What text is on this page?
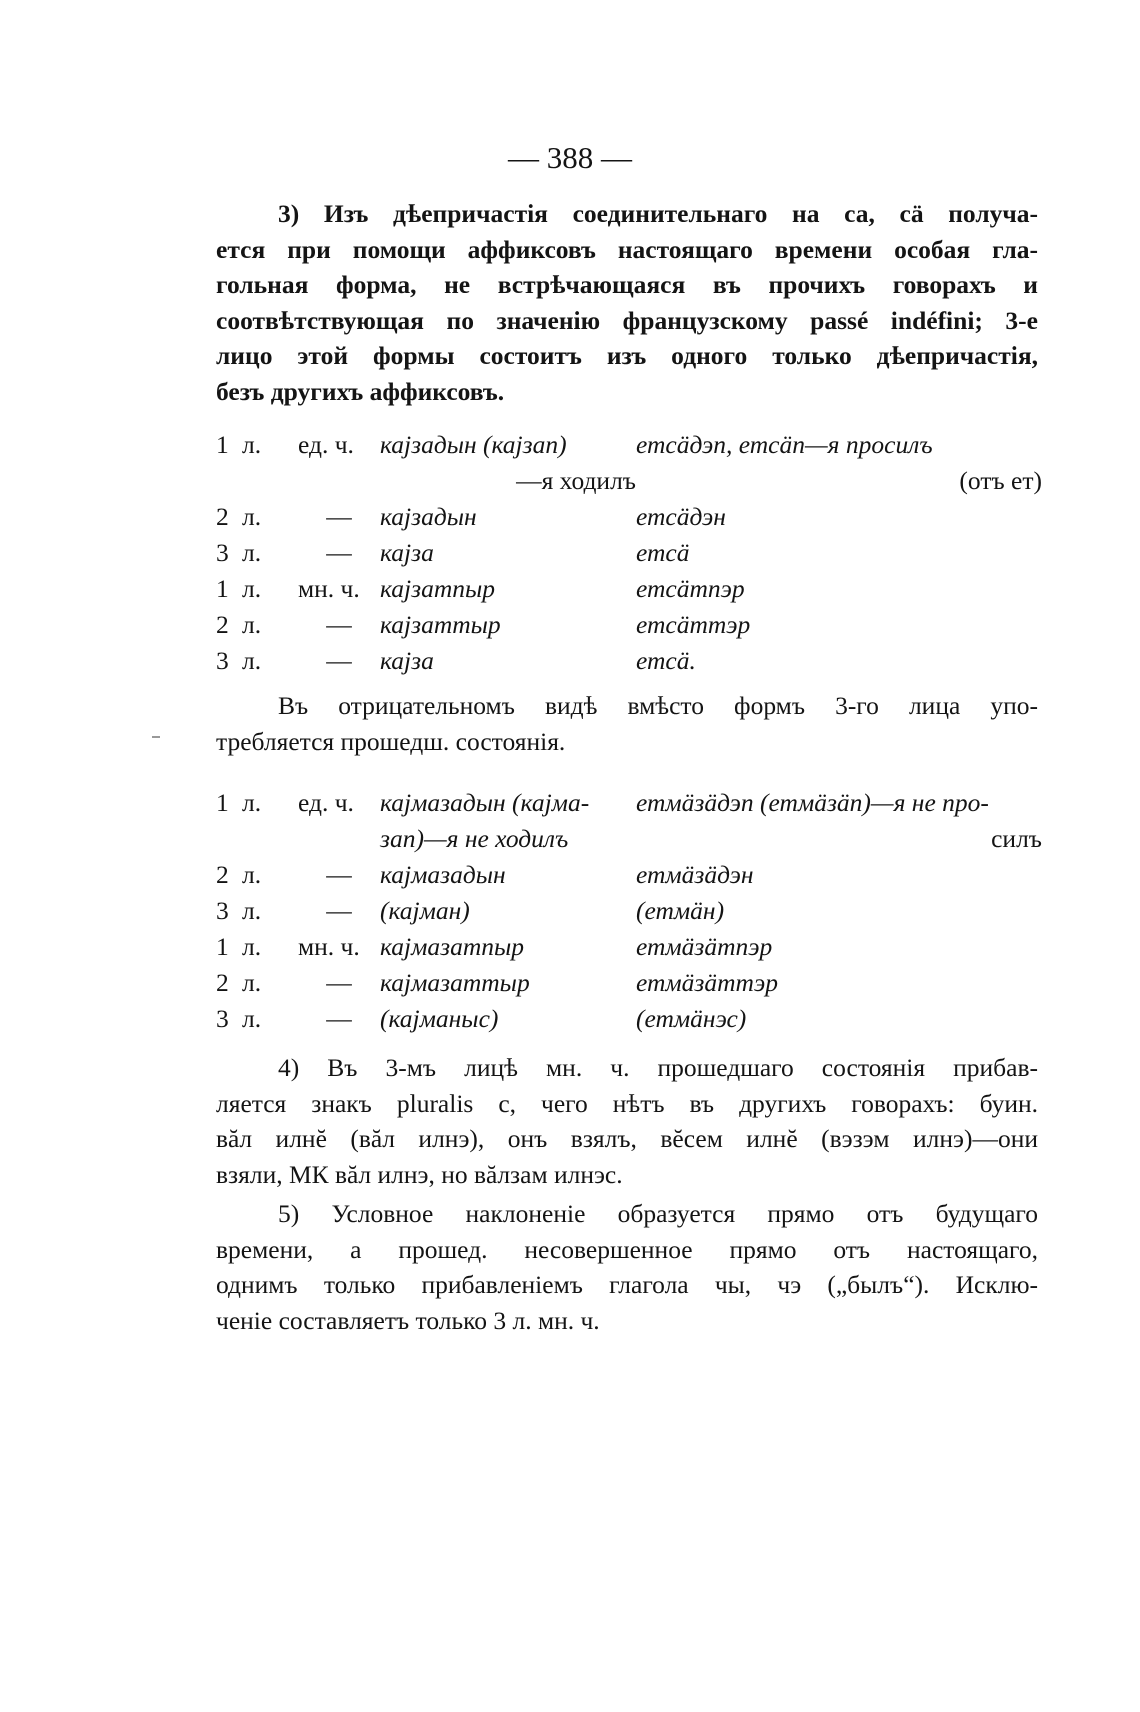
— 388 —

3) Изъ дѣепричастія соединительнаго на са, сä получа-
ется при помощи аффиксовъ настоящаго времени особая гла-
гольная форма, не встрѣчающаяся въ прочихъ говорахъ и
соотвѣтствующая по значенію французскому passé indéfini; 3-е
лицо этой формы состоитъ изъ одного только дѣепричастія,
безъ другихъ аффиксовъ.

1	л.	ед. ч.	кајзадын (кајзап)	етсäдэп, етсäп—я просилъ
			—я ходилъ	(отъ ет)
2	л.	—	кајзадын	етсäдэн
3	л.	—	кајза	етсä
1	л.	мн. ч.	кајзатпыр	етсäтпэр
2	л.	—	кајзаттыр	етсäттэр
3	л.	—	кајза	етсä.

Въ отрицательномъ видѣ вмѣсто формъ 3-го лица упо-
требляется прошедш. состоянія.

1	л.	ед. ч.	кајмазадын (кајма-	етмäзäдэп (етмäзäп)—я не про-
			зап)—я не ходилъ	силъ
2	л.	—	кајмазадын	етмäзäдэн
3	л.	—	(кајман)	(етмäн)
1	л.	мн. ч.	кајмазатпыр	етмäзäтпэр
2	л.	—	кајмазаттыр	етмäзäттэр
3	л.	—	(кајманыс)	(етмäнэс)

4) Въ 3-мъ лицѣ мн. ч. прошедшаго состоянія прибав-
ляется знакъ pluralis с, чего нѣтъ въ другихъ говорахъ: буин.
вăл илнĕ (вăл илнэ), онъ взялъ, вĕсем илнĕ (вэзэм илнэ)—они
взяли, МК вăл илнэ, но вăлзам илнэс.

5) Условное наклоненіе образуется прямо отъ будущаго
времени, а прошед. несовершенное прямо отъ настоящаго,
однимъ только прибавленіемъ глагола чы, чэ („былъ“). Исклю-
ченіе составляетъ только 3 л. мн. ч.
